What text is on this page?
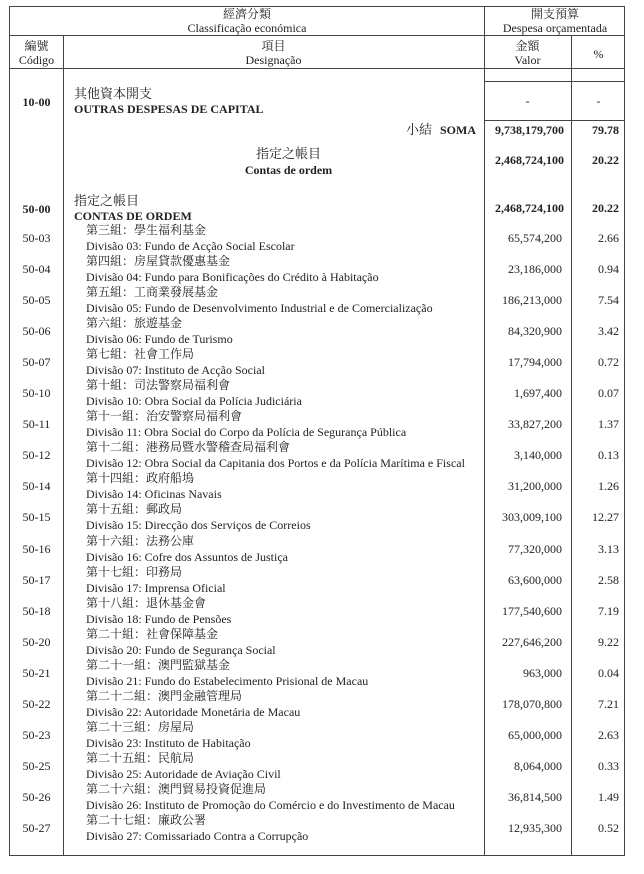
經濟分類
Classificação económica
開支預算
Despesa orçamentada
編號
Código
項目
Designação
金額
Valor	%
10-00
其他資本開支
OUTRAS DESPESAS DE CAPITAL
-	-
小結 SOMA	9,738,179,700	79.78
指定之帳目
Contas de ordem
2,468,724,100	20.22
50-00
指定之帳目
CONTAS DE ORDEM
2,468,724,100	20.22
50-03
第三組：學生福利基金
Divisão 03: Fundo de Acção Social Escolar
65,574,200	2.66
50-04
第四組：房屋貸款優惠基金
Divisão 04: Fundo para Bonificações do Crédito à Habitação
23,186,000	0.94
50-05
第五組：工商業發展基金
Divisão 05: Fundo de Desenvolvimento Industrial e de Comercialização
186,213,000	7.54
50-06
第六組：旅遊基金
Divisão 06: Fundo de Turismo
84,320,900	3.42
50-07
第七組：社會工作局
Divisão 07: Instituto de Acção Social
17,794,000	0.72
50-10
第十組：司法警察局福利會
Divisão 10: Obra Social da Polícia Judiciária
1,697,400	0.07
50-11
第十一組：治安警察局福利會
Divisão 11: Obra Social do Corpo da Polícia de Segurança Pública
33,827,200	1.37
50-12
第十二組：港務局暨水警稽查局福利會
Divisão 12: Obra Social da Capitania dos Portos e da Polícia Marítima e Fiscal
3,140,000	0.13
50-14
第十四組：政府船塢
Divisão 14: Oficinas Navais
31,200,000	1.26
50-15
第十五組：郵政局
Divisão 15: Direcção dos Serviços de Correios
303,009,100	12.27
50-16
第十六組：法務公庫
Divisão 16: Cofre dos Assuntos de Justiça
77,320,000	3.13
50-17
第十七組：印務局
Divisão 17: Imprensa Oficial
63,600,000	2.58
50-18
第十八組：退休基金會
Divisão 18: Fundo de Pensões
177,540,600	7.19
50-20
第二十組：社會保障基金
Divisão 20: Fundo de Segurança Social
227,646,200	9.22
50-21
第二十一組：澳門監獄基金
Divisão 21: Fundo do Estabelecimento Prisional de Macau
963,000	0.04
50-22
第二十二組：澳門金融管理局
Divisão 22: Autoridade Monetária de Macau
178,070,800	7.21
50-23
第二十三組：房屋局
Divisão 23: Instituto de Habitação
65,000,000	2.63
50-25
第二十五組：民航局
Divisão 25: Autoridade de Aviação Civil
8,064,000	0.33
50-26
第二十六組：澳門貿易投資促進局
Divisão 26: Instituto de Promoção do Comércio e do Investimento de Macau
36,814,500	1.49
50-27
第二十七組：廉政公署
Divisão 27: Comissariado Contra a Corrupção
12,935,300	0.52
